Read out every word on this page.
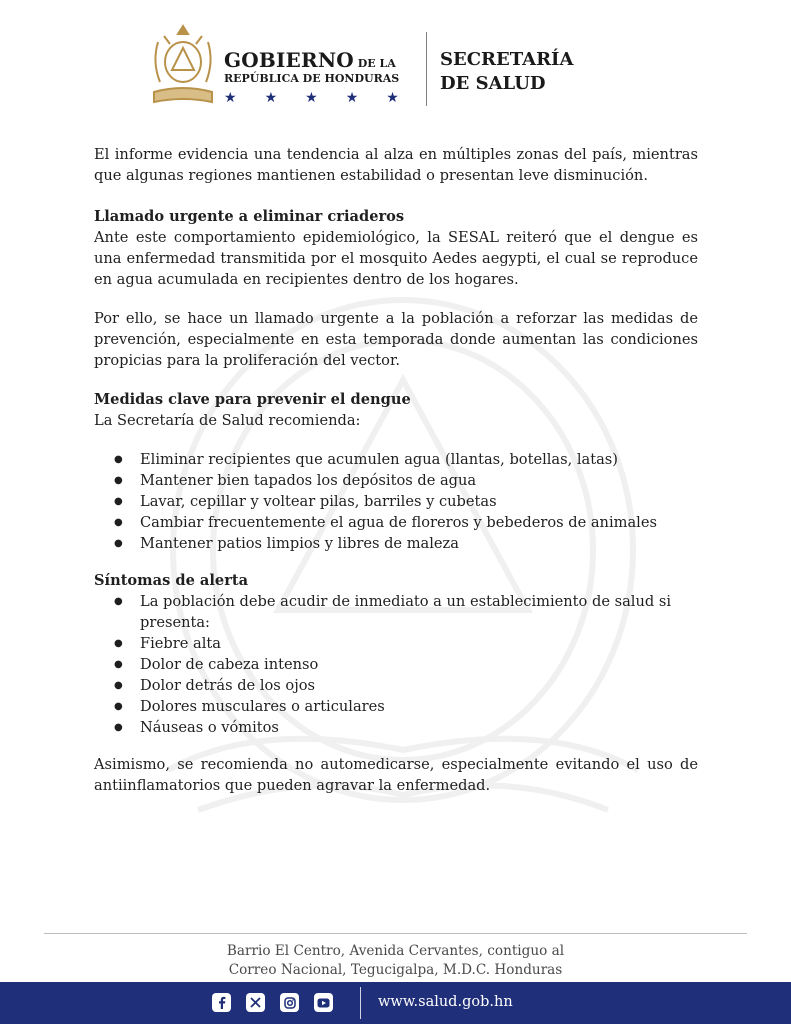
GOBIERNO DE LA
REPÚBLICA DE HONDURAS
★ ★ ★ ★ ★
SECRETARÍA
DE SALUD

El informe evidencia una tendencia al alza en múltiples zonas del país, mientras que algunas regiones mantienen estabilidad o presentan leve disminución.

Llamado urgente a eliminar criaderos

Ante este comportamiento epidemiológico, la SESAL reiteró que el dengue es una enfermedad transmitida por el mosquito Aedes aegypti, el cual se reproduce en agua acumulada en recipientes dentro de los hogares.

Por ello, se hace un llamado urgente a la población a reforzar las medidas de prevención, especialmente en esta temporada donde aumentan las condiciones propicias para la proliferación del vector.

Medidas clave para prevenir el dengue

La Secretaría de Salud recomienda:

● Eliminar recipientes que acumulen agua (llantas, botellas, latas)
● Mantener bien tapados los depósitos de agua
● Lavar, cepillar y voltear pilas, barriles y cubetas
● Cambiar frecuentemente el agua de floreros y bebederos de animales
● Mantener patios limpios y libres de maleza

Síntomas de alerta

● La población debe acudir de inmediato a un establecimiento de salud si presenta:
● Fiebre alta
● Dolor de cabeza intenso
● Dolor detrás de los ojos
● Dolores musculares o articulares
● Náuseas o vómitos

Asimismo, se recomienda no automedicarse, especialmente evitando el uso de antiinflamatorios que pueden agravar la enfermedad.

Barrio El Centro, Avenida Cervantes, contiguo al
Correo Nacional, Tegucigalpa, M.D.C. Honduras
www.salud.gob.hn
